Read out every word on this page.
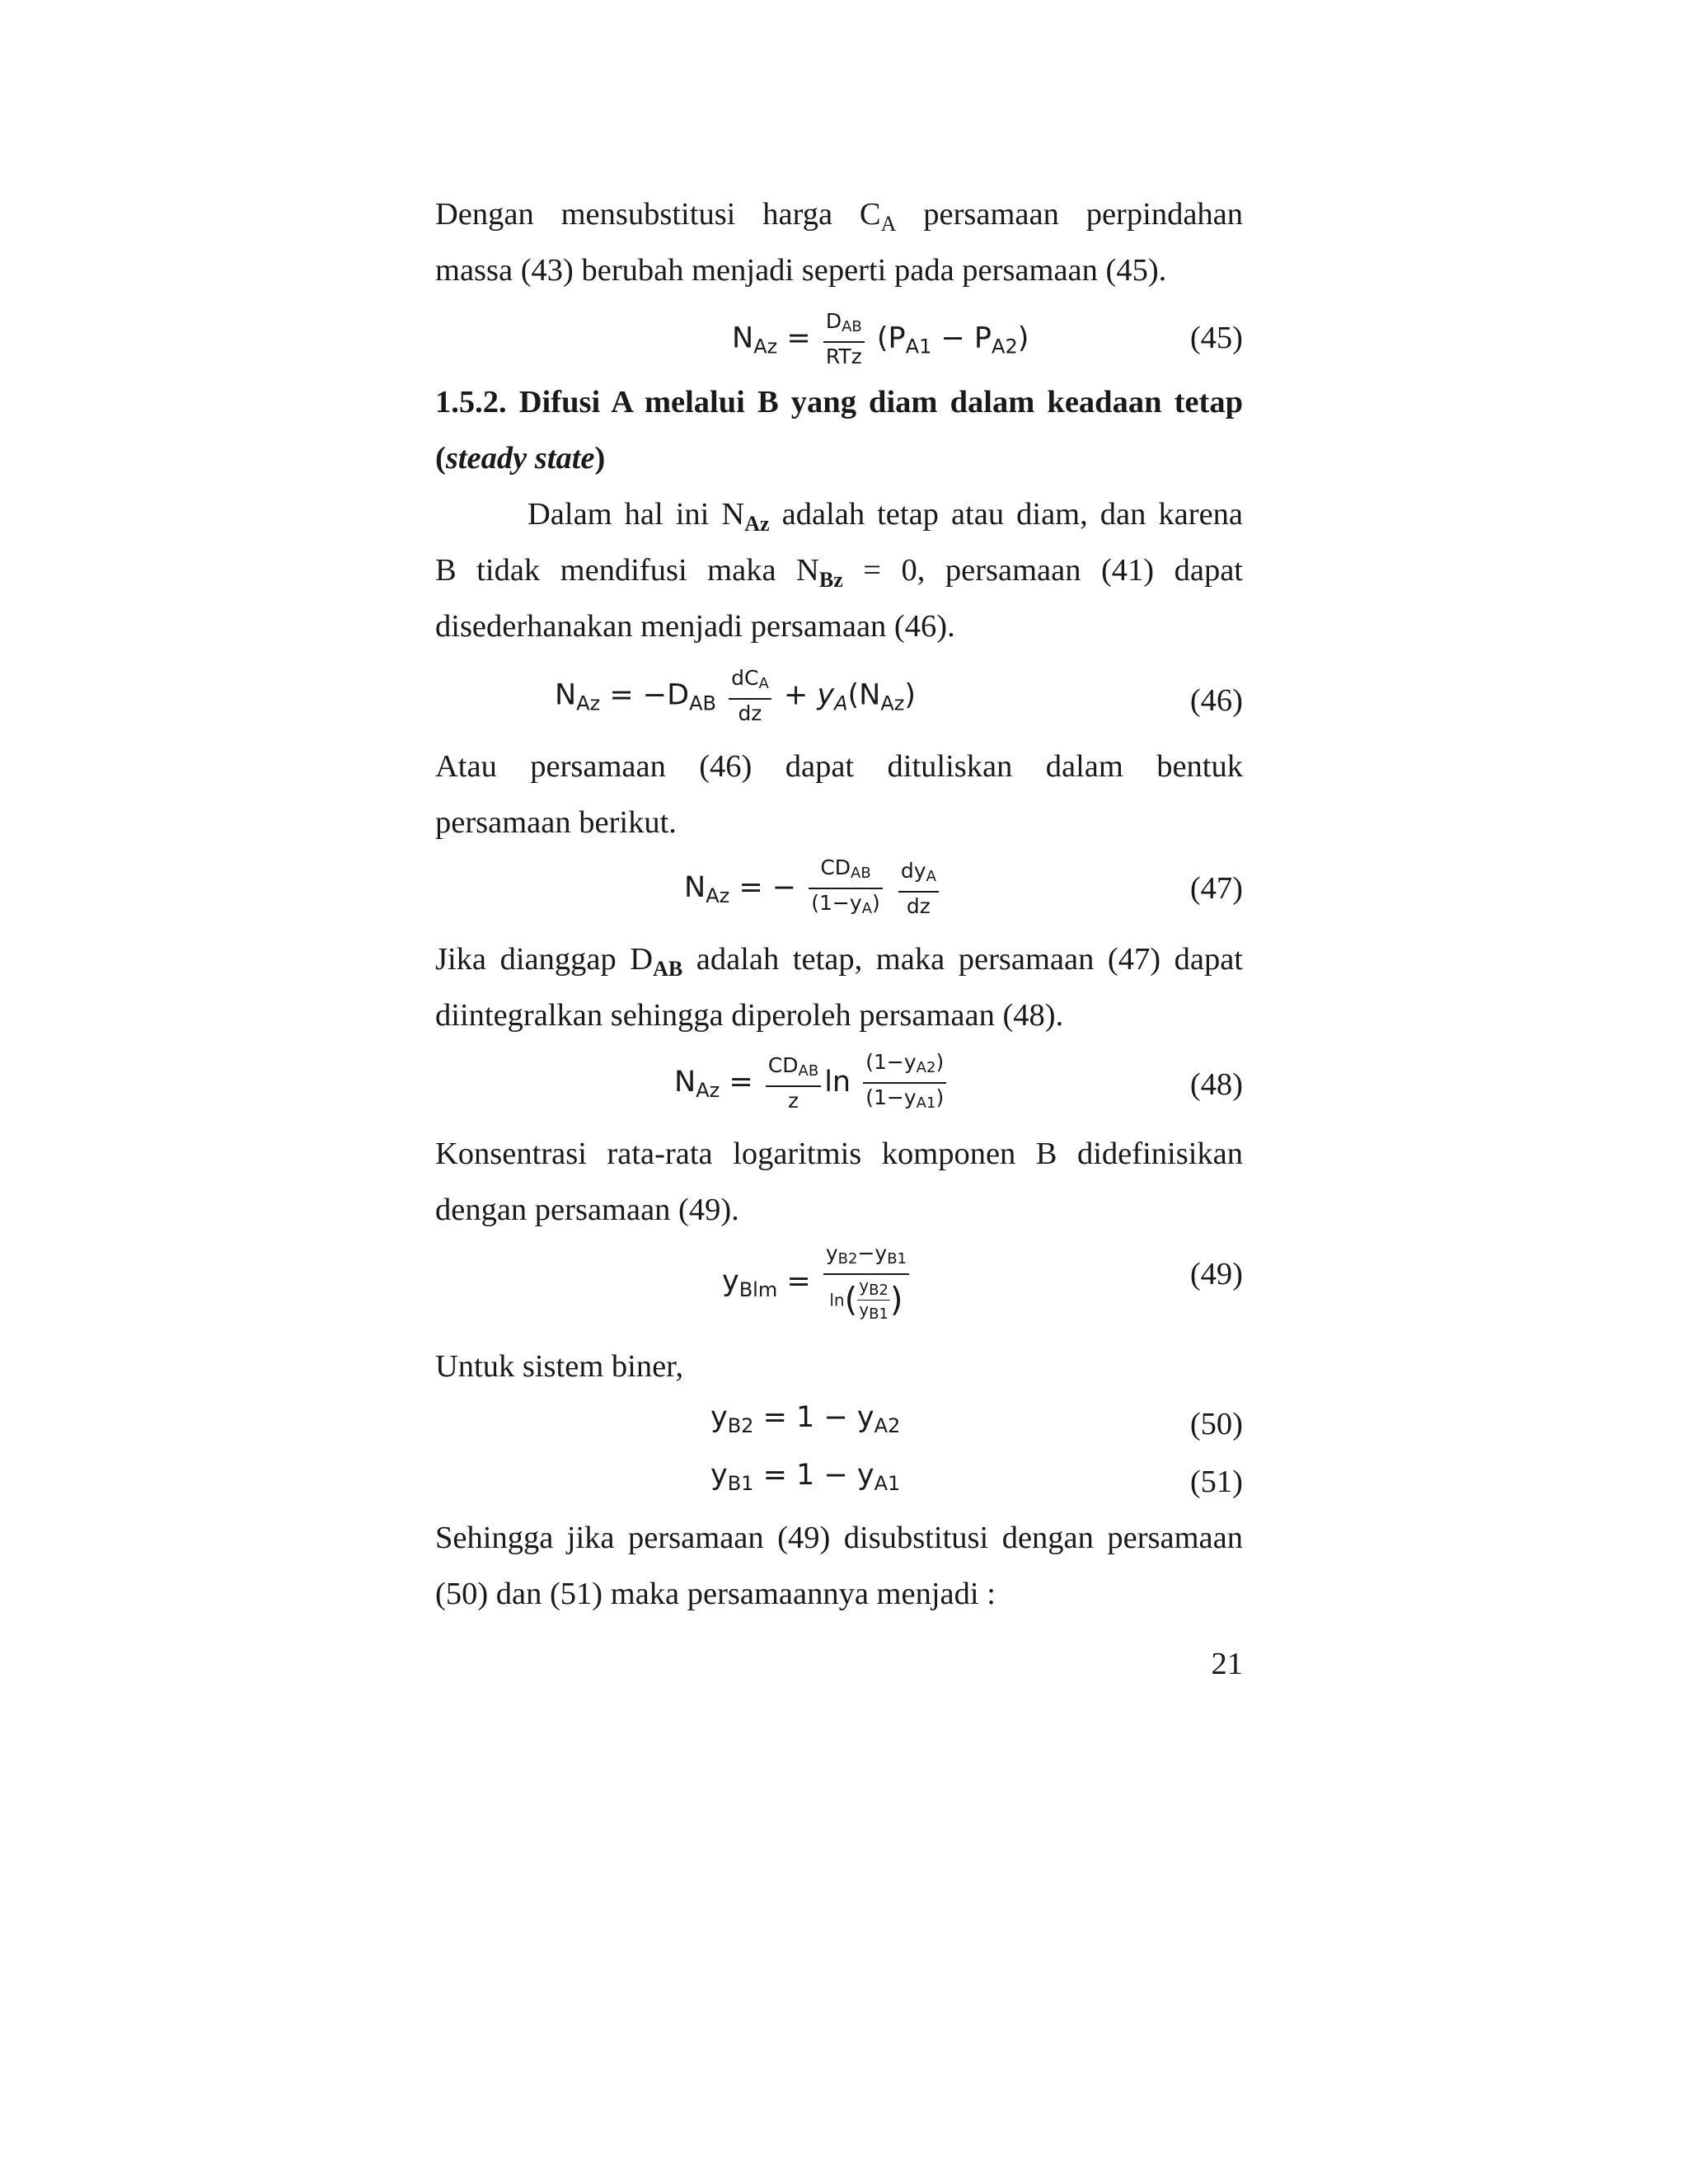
Dengan mensubstitusi harga $C_A$ persamaan perpindahan
massa (43) berubah menjadi seperti pada persamaan (45).
$N_{Az} = \frac{D_{AB}}{\text{RTz}} (P_{A1} - P_{A2})$	(45)
1.5.2. Difusi A melalui B yang diam dalam keadaan tetap
(steady state)
Dalam hal ini $N_{Az}$ adalah tetap atau diam, dan karena
B tidak mendifusi maka $N_{Bz} = 0$, persamaan (41) dapat
disederhanakan menjadi persamaan (46).
$N_{Az} = -D_{AB} \frac{dC_A}{dz} + y_A(N_{Az})$	(46)
Atau persamaan (46) dapat dituliskan dalam bentuk
persamaan berikut.
$N_{Az}$ = − $\frac{CD_{AB}}{(1-y_A)}$
$\frac{dy_A}{dz}$	(47)
Jika dianggap $D_{AB}$ adalah tetap, maka persamaan (47) dapat
diintegralkan sehingga diperoleh persamaan (48).
$N_{Az} = \frac{CD_{AB}}{z}$ $\ln \frac{(1-y_{A2})}{(1-y_{A1})}$	(48)
Konsentrasi rata-rata logaritmis komponen B didefinisikan
dengan persamaan (49).
$y_{Blm} = \frac{y_{B2}-y_{B1}}{\ln( \frac{y_{B2}}{y_{B1}} )}$	(49)
Untuk sistem biner,
$y_{B2} = 1 - y_{A2}$	(50)
$y_{B1} = 1 - y_{A1}$	(51)
Sehingga jika persamaan (49) disubstitusi dengan persamaan
(50) dan (51) maka persamaannya menjadi :
21
